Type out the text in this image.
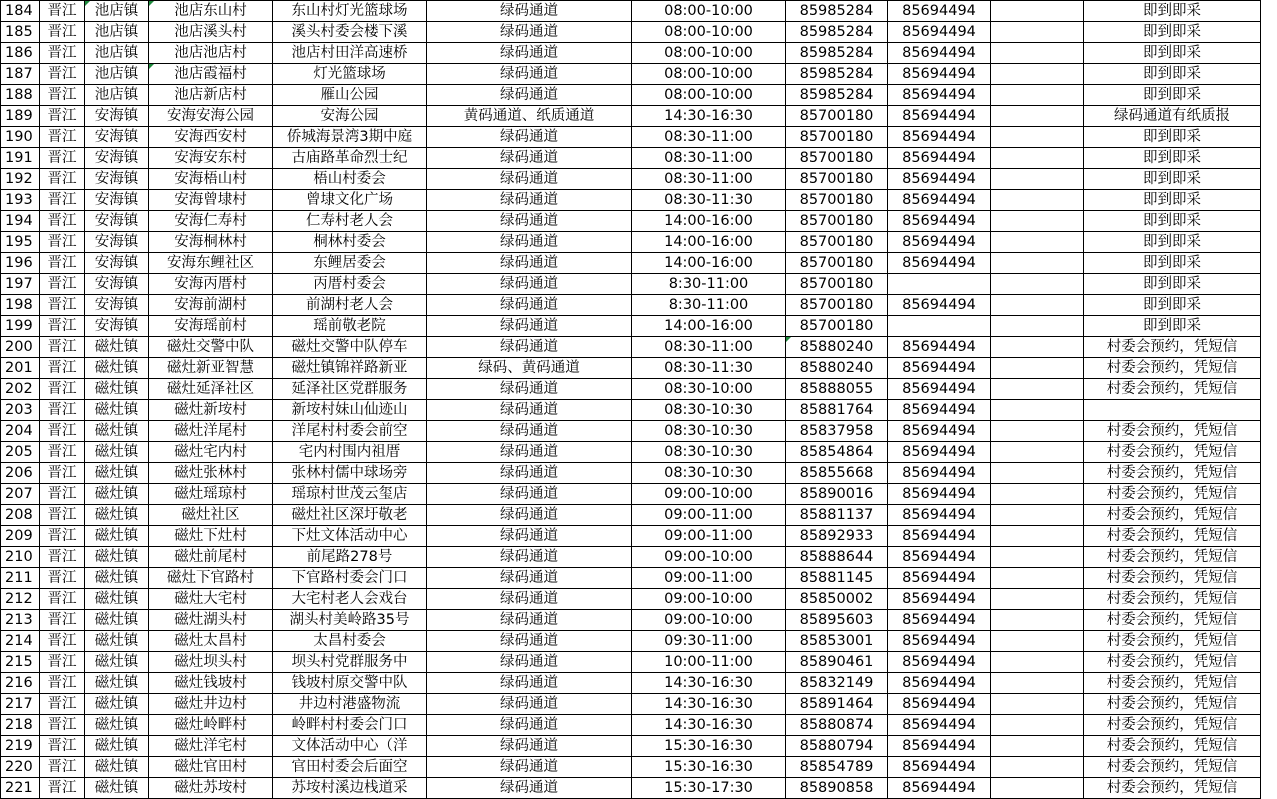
184	晋江	池店镇	池店东山村	东山村灯光篮球场	绿码通道	08:00-10:00	85985284	85694494		即到即采
185	晋江	池店镇	池店溪头村	溪头村委会楼下溪	绿码通道	08:00-10:00	85985284	85694494		即到即采
186	晋江	池店镇	池店池店村	池店村田洋高速桥	绿码通道	08:00-10:00	85985284	85694494		即到即采
187	晋江	池店镇	池店霞福村	灯光篮球场	绿码通道	08:00-10:00	85985284	85694494		即到即采
188	晋江	池店镇	池店新店村	雁山公园	绿码通道	08:00-10:00	85985284	85694494		即到即采
189	晋江	安海镇	安海安海公园	安海公园	黄码通道、纸质通道	14:30-16:30	85700180	85694494		绿码通道有纸质报
190	晋江	安海镇	安海西安村	侨城海景湾3期中庭	绿码通道	08:30-11:00	85700180	85694494		即到即采
191	晋江	安海镇	安海安东村	古庙路革命烈士纪	绿码通道	08:30-11:00	85700180	85694494		即到即采
192	晋江	安海镇	安海梧山村	梧山村委会	绿码通道	08:30-11:00	85700180	85694494		即到即采
193	晋江	安海镇	安海曾埭村	曾埭文化广场	绿码通道	08:30-11:30	85700180	85694494		即到即采
194	晋江	安海镇	安海仁寿村	仁寿村老人会	绿码通道	14:00-16:00	85700180	85694494		即到即采
195	晋江	安海镇	安海桐林村	桐林村委会	绿码通道	14:00-16:00	85700180	85694494		即到即采
196	晋江	安海镇	安海东鲤社区	东鲤居委会	绿码通道	14:00-16:00	85700180	85694494		即到即采
197	晋江	安海镇	安海丙厝村	丙厝村委会	绿码通道	8:30-11:00	85700180			即到即采
198	晋江	安海镇	安海前湖村	前湖村老人会	绿码通道	8:30-11:00	85700180	85694494		即到即采
199	晋江	安海镇	安海瑶前村	瑶前敬老院	绿码通道	14:00-16:00	85700180			即到即采
200	晋江	磁灶镇	磁灶交警中队	磁灶交警中队停车	绿码通道	08:30-11:00	85880240	85694494		村委会预约，凭短信
201	晋江	磁灶镇	磁灶新亚智慧	磁灶镇锦祥路新亚	绿码、黄码通道	08:30-11:30	85880240	85694494		村委会预约，凭短信
202	晋江	磁灶镇	磁灶延泽社区	延泽社区党群服务	绿码通道	08:30-10:00	85888055	85694494		村委会预约，凭短信
203	晋江	磁灶镇	磁灶新垵村	新垵村妹山仙迹山	绿码通道	08:30-10:30	85881764	85694494		
204	晋江	磁灶镇	磁灶洋尾村	洋尾村村委会前空	绿码通道	08:30-10:30	85837958	85694494		村委会预约，凭短信
205	晋江	磁灶镇	磁灶宅内村	宅内村围内祖厝	绿码通道	08:30-10:30	85854864	85694494		村委会预约，凭短信
206	晋江	磁灶镇	磁灶张林村	张林村儒中球场旁	绿码通道	08:30-10:30	85855668	85694494		村委会预约，凭短信
207	晋江	磁灶镇	磁灶瑶琼村	瑶琼村世茂云玺店	绿码通道	09:00-10:00	85890016	85694494		村委会预约，凭短信
208	晋江	磁灶镇	磁灶社区	磁灶社区深圩敬老	绿码通道	09:00-11:00	85881137	85694494		村委会预约，凭短信
209	晋江	磁灶镇	磁灶下灶村	下灶文体活动中心	绿码通道	09:00-11:00	85892933	85694494		村委会预约，凭短信
210	晋江	磁灶镇	磁灶前尾村	前尾路278号	绿码通道	09:00-10:00	85888644	85694494		村委会预约，凭短信
211	晋江	磁灶镇	磁灶下官路村	下官路村委会门口	绿码通道	09:00-11:00	85881145	85694494		村委会预约，凭短信
212	晋江	磁灶镇	磁灶大宅村	大宅村老人会戏台	绿码通道	09:00-10:00	85850002	85694494		村委会预约，凭短信
213	晋江	磁灶镇	磁灶湖头村	湖头村美岭路35号	绿码通道	09:00-10:00	85895603	85694494		村委会预约，凭短信
214	晋江	磁灶镇	磁灶太昌村	太昌村委会	绿码通道	09:30-11:00	85853001	85694494		村委会预约，凭短信
215	晋江	磁灶镇	磁灶坝头村	坝头村党群服务中	绿码通道	10:00-11:00	85890461	85694494		村委会预约，凭短信
216	晋江	磁灶镇	磁灶钱坡村	钱坡村原交警中队	绿码通道	14:30-16:30	85832149	85694494		村委会预约，凭短信
217	晋江	磁灶镇	磁灶井边村	井边村港盛物流	绿码通道	14:30-16:30	85891464	85694494		村委会预约，凭短信
218	晋江	磁灶镇	磁灶岭畔村	岭畔村村委会门口	绿码通道	14:30-16:30	85880874	85694494		村委会预约，凭短信
219	晋江	磁灶镇	磁灶洋宅村	文体活动中心（洋	绿码通道	15:30-16:30	85880794	85694494		村委会预约，凭短信
220	晋江	磁灶镇	磁灶官田村	官田村委会后面空	绿码通道	15:30-16:30	85854789	85694494		村委会预约，凭短信
221	晋江	磁灶镇	磁灶苏垵村	苏垵村溪边栈道采	绿码通道	15:30-17:30	85890858	85694494		村委会预约，凭短信
